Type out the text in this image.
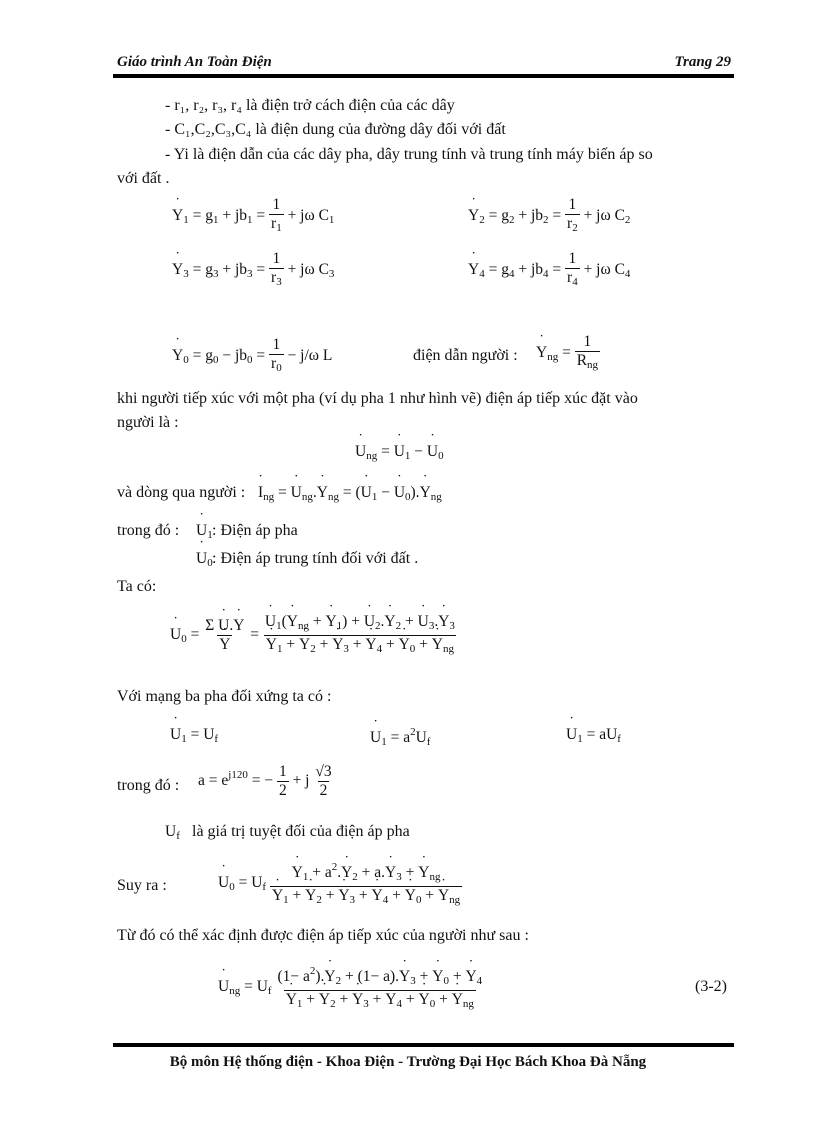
Giáo trình An Toàn Điện	Trang 29
- r₁, r₂, r₃, r₄ là điện trở cách điện của các dây
- C₁,C₂,C₃,C₄ là điện dung của đường dây đối với đất
- Yi là điện dẫn của các dây pha, dây trung tính và trung tính máy biến áp so
với đất .
Y $˙_1 = g_1 + jb_1 = \frac{1}{r_1} + j\omega$ $C_1$	Y $˙_2 = g_2 + jb_2 = \frac{1}{r_2} + j\omega$ $C_2$
Y $˙_3 = g_3 + jb_3 = \frac{1}{r_3} + j\omega$ $C_3$	Y $˙_4 = g_4 + jb_4 = \frac{1}{r_4} + j\omega$ $C_4$
Y $˙_0 = g_0 - jb_0 = \frac{1}{r_0} - j/\omega$ L	điện dẫn người : Y $˙_{ng} = \frac{1}{R_{ng}}$
khi người tiếp xúc với một pha (ví dụ pha 1 như hình vẽ) điện áp tiếp xúc đặt vào
người là :
U $˙_{ng} = U$ $˙_1 - U$ $˙_0$
và dòng qua người : I $˙_{ng} = U$ $˙_{ng}.Y$ $˙_{ng} = (U$ $˙_1 - U$ $˙_0).Y$ $˙_{ng}$
trong đó : U $˙_1$ : Điện áp pha
U $˙_0$ : Điện áp trung tính đối với đất .
Ta có:
U $˙_0 = \frac{\text{Σ U ˙.Y ˙}}{Y}$ ˙ = $\frac{U ˙_1(Y ˙_{ng} + Y ˙_1) + U ˙_2.Y ˙_2 + U ˙_3.Y ˙_3}{Y ˙_1 + Y ˙_2 + Y ˙_3 + Y ˙_4 + Y ˙_0 + Y ˙_{ng}}$
Với mạng ba pha đối xứng ta có :
U $˙_1 = U_f$	U $˙_1 = a^2U_f$	U $˙_1 = aU_f$
trong đó : $a = e^{j120}$ = − $\frac{1}{2} + j \frac{√3}{2}$
$U_f$ là giá trị tuyệt đối của điện áp pha
Suy ra :	U $˙_0 = U_f \frac{Y ˙_1 + a^2.Y ˙_2 + a.Y ˙_3 + Y ˙_{ng}}{Y ˙_1 + Y ˙_2 + Y ˙_3 + Y ˙_4 + Y ˙_0 + Y ˙_{ng}}$
Từ đó có thể xác định được điện áp tiếp xúc của người như sau :
U $˙_{ng} = U_f \frac{(1- a^2).Y ˙_2 + (1- a).Y ˙_3 + Y ˙_0 + Y ˙_4}{Y ˙_1 + Y ˙_2 + Y ˙_3 + Y ˙_4 + Y ˙_0 + Y ˙_{ng}}$	(3-2)
Bộ môn Hệ thống điện - Khoa Điện - Trường Đại Học Bách Khoa Đà Nẵng
